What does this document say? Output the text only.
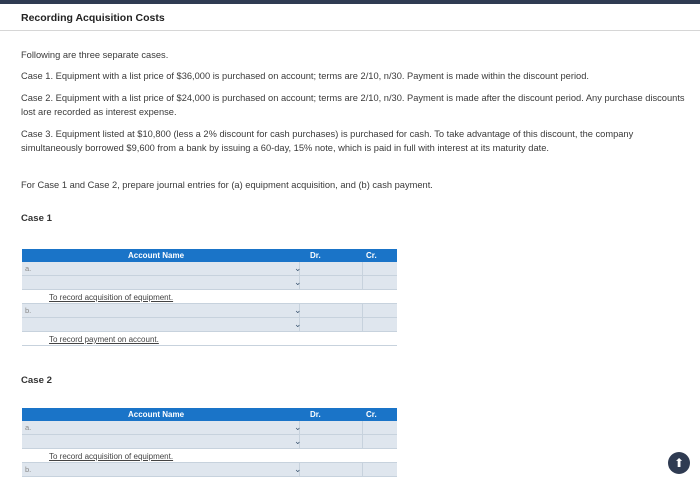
Recording Acquisition Costs
Following are three separate cases.
Case 1. Equipment with a list price of $36,000 is purchased on account; terms are 2/10, n/30. Payment is made within the discount period.
Case 2. Equipment with a list price of $24,000 is purchased on account; terms are 2/10, n/30. Payment is made after the discount period. Any purchase discounts lost are recorded as interest expense.
Case 3. Equipment listed at $10,800 (less a 2% discount for cash purchases) is purchased for cash. To take advantage of this discount, the company simultaneously borrowed $9,600 from a bank by issuing a 60-day, 15% note, which is paid in full with interest at its maturity date.
For Case 1 and Case 2, prepare journal entries for (a) equipment acquisition, and (b) cash payment.
Case 1
Account Name	Dr.	Cr.
a.	⌄
⌄
To record acquisition of equipment.
b.	⌄
⌄
To record payment on account.
Case 2
Account Name	Dr.	Cr.
a.	⌄
⌄
To record acquisition of equipment.
b.	⌄	⬆
